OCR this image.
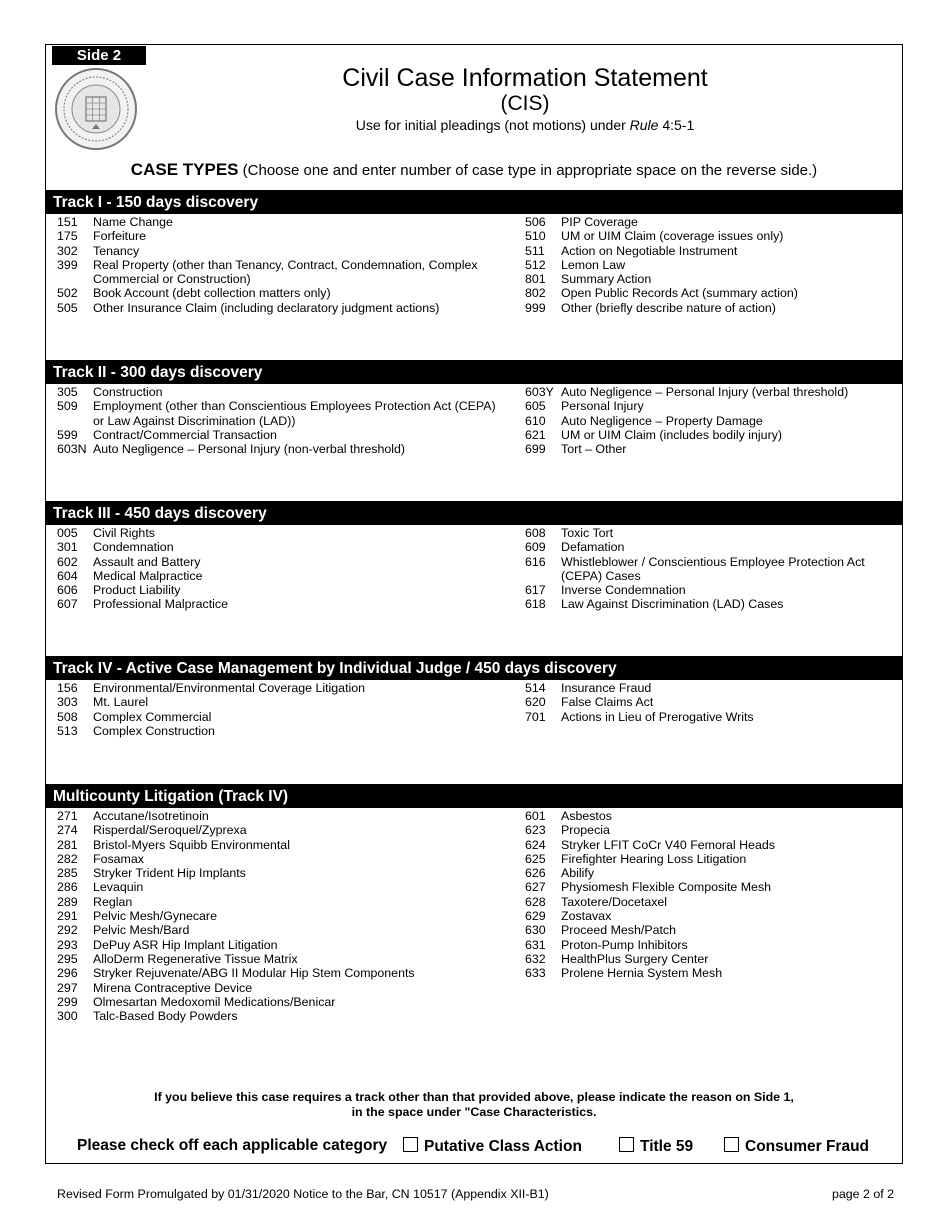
Side 2
Civil Case Information Statement
(CIS)
Use for initial pleadings (not motions) under Rule 4:5-1
CASE TYPES (Choose one and enter number of case type in appropriate space on the reverse side.)
Track I - 150 days discovery
151	Name Change
175	Forfeiture
302	Tenancy
399	Real Property (other than Tenancy, Contract, Condemnation, Complex Commercial or Construction)
502	Book Account (debt collection matters only)
505	Other Insurance Claim (including declaratory judgment actions)
506	PIP Coverage
510	UM or UIM Claim (coverage issues only)
511	Action on Negotiable Instrument
512	Lemon Law
801	Summary Action
802	Open Public Records Act (summary action)
999	Other (briefly describe nature of action)
Track II - 300 days discovery
305	Construction
509	Employment (other than Conscientious Employees Protection Act (CEPA) or Law Against Discrimination (LAD))
599	Contract/Commercial Transaction
603N Auto Negligence – Personal Injury (non-verbal threshold)
603Y Auto Negligence – Personal Injury (verbal threshold)
605	Personal Injury
610	Auto Negligence – Property Damage
621	UM or UIM Claim (includes bodily injury)
699	Tort – Other
Track III - 450 days discovery
005	Civil Rights
301	Condemnation
602	Assault and Battery
604	Medical Malpractice
606	Product Liability
607	Professional Malpractice
608	Toxic Tort
609	Defamation
616	Whistleblower / Conscientious Employee Protection Act (CEPA) Cases
617	Inverse Condemnation
618	Law Against Discrimination (LAD) Cases
Track IV - Active Case Management by Individual Judge / 450 days discovery
156	Environmental/Environmental Coverage Litigation
303	Mt. Laurel
508	Complex Commercial
513	Complex Construction
514	Insurance Fraud
620	False Claims Act
701	Actions in Lieu of Prerogative Writs
Multicounty Litigation (Track IV)
271	Accutane/Isotretinoin
274	Risperdal/Seroquel/Zyprexa
281	Bristol-Myers Squibb Environmental
282	Fosamax
285	Stryker Trident Hip Implants
286	Levaquin
289	Reglan
291	Pelvic Mesh/Gynecare
292	Pelvic Mesh/Bard
293	DePuy ASR Hip Implant Litigation
295	AlloDerm Regenerative Tissue Matrix
296	Stryker Rejuvenate/ABG II Modular Hip Stem Components
297	Mirena Contraceptive Device
299	Olmesartan Medoxomil Medications/Benicar
300	Talc-Based Body Powders
601	Asbestos
623	Propecia
624	Stryker LFIT CoCr V40 Femoral Heads
625	Firefighter Hearing Loss Litigation
626	Abilify
627	Physiomesh Flexible Composite Mesh
628	Taxotere/Docetaxel
629	Zostavax
630	Proceed Mesh/Patch
631	Proton-Pump Inhibitors
632	HealthPlus Surgery Center
633	Prolene Hernia System Mesh
If you believe this case requires a track other than that provided above, please indicate the reason on Side 1,
in the space under "Case Characteristics.
Please check off each applicable category	Putative Class Action	Title 59	Consumer Fraud
Revised Form Promulgated by 01/31/2020 Notice to the Bar, CN 10517 (Appendix XII-B1)	page 2 of 2
